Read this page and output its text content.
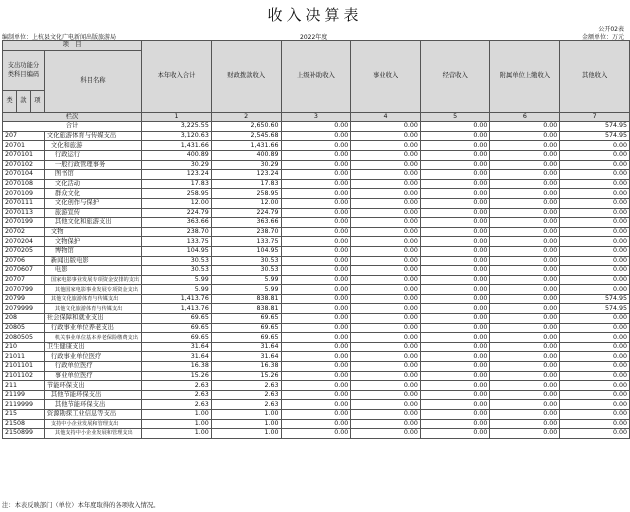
收入决算表
公开02表
编制单位：上杭县文化广电新闻出版旅游局	2022年度	金额单位：万元
项　目				本年收入合计	财政拨款收入	上级补助收入	事业收入	经营收入	附属单位上缴收入	其他收入
支出功能分类科目编码			科目名称							
类	款	项								
栏次				1	2	3	4	5	6	7
合计				3,225.55	2,650.60	0.00	0.00	0.00	0.00	574.95
207			文化旅游体育与传媒支出	3,120.63	2,545.68	0.00	0.00	0.00	0.00	574.95
20701			文化和旅游	1,431.66	1,431.66	0.00	0.00	0.00	0.00	0.00
2070101			行政运行	400.89	400.89	0.00	0.00	0.00	0.00	0.00
2070102			一般行政管理事务	30.29	30.29	0.00	0.00	0.00	0.00	0.00
2070104			图书馆	123.24	123.24	0.00	0.00	0.00	0.00	0.00
2070108			文化活动	17.83	17.83	0.00	0.00	0.00	0.00	0.00
2070109			群众文化	258.95	258.95	0.00	0.00	0.00	0.00	0.00
2070111			文化创作与保护	12.00	12.00	0.00	0.00	0.00	0.00	0.00
2070113			旅游宣传	224.79	224.79	0.00	0.00	0.00	0.00	0.00
2070199			其他文化和旅游支出	363.66	363.66	0.00	0.00	0.00	0.00	0.00
20702			文物	238.70	238.70	0.00	0.00	0.00	0.00	0.00
2070204			文物保护	133.75	133.75	0.00	0.00	0.00	0.00	0.00
2070205			博物馆	104.95	104.95	0.00	0.00	0.00	0.00	0.00
20706			新闻出版电影	30.53	30.53	0.00	0.00	0.00	0.00	0.00
2070607			电影	30.53	30.53	0.00	0.00	0.00	0.00	0.00
20707			国家电影事业发展专项资金安排的支出	5.99	5.99	0.00	0.00	0.00	0.00	0.00
2070799			其他国家电影事业发展专项资金支出	5.99	5.99	0.00	0.00	0.00	0.00	0.00
20799			其他文化旅游体育与传媒支出	1,413.76	838.81	0.00	0.00	0.00	0.00	574.95
2079999			其他文化旅游体育与传媒支出	1,413.76	838.81	0.00	0.00	0.00	0.00	574.95
208			社会保障和就业支出	69.65	69.65	0.00	0.00	0.00	0.00	0.00
20805			行政事业单位养老支出	69.65	69.65	0.00	0.00	0.00	0.00	0.00
2080505			机关事业单位基本养老保险缴费支出	69.65	69.65	0.00	0.00	0.00	0.00	0.00
210			卫生健康支出	31.64	31.64	0.00	0.00	0.00	0.00	0.00
21011			行政事业单位医疗	31.64	31.64	0.00	0.00	0.00	0.00	0.00
2101101			行政单位医疗	16.38	16.38	0.00	0.00	0.00	0.00	0.00
2101102			事业单位医疗	15.26	15.26	0.00	0.00	0.00	0.00	0.00
211			节能环保支出	2.63	2.63	0.00	0.00	0.00	0.00	0.00
21199			其他节能环保支出	2.63	2.63	0.00	0.00	0.00	0.00	0.00
2119999			其他节能环保支出	2.63	2.63	0.00	0.00	0.00	0.00	0.00
215			资源勘探工业信息等支出	1.00	1.00	0.00	0.00	0.00	0.00	0.00
21508			支持中小企业发展和管理支出	1.00	1.00	0.00	0.00	0.00	0.00	0.00
2150899			其他支持中小企业发展和管理支出	1.00	1.00	0.00	0.00	0.00	0.00	0.00
注：本表反映部门（单位）本年度取得的各项收入情况。
